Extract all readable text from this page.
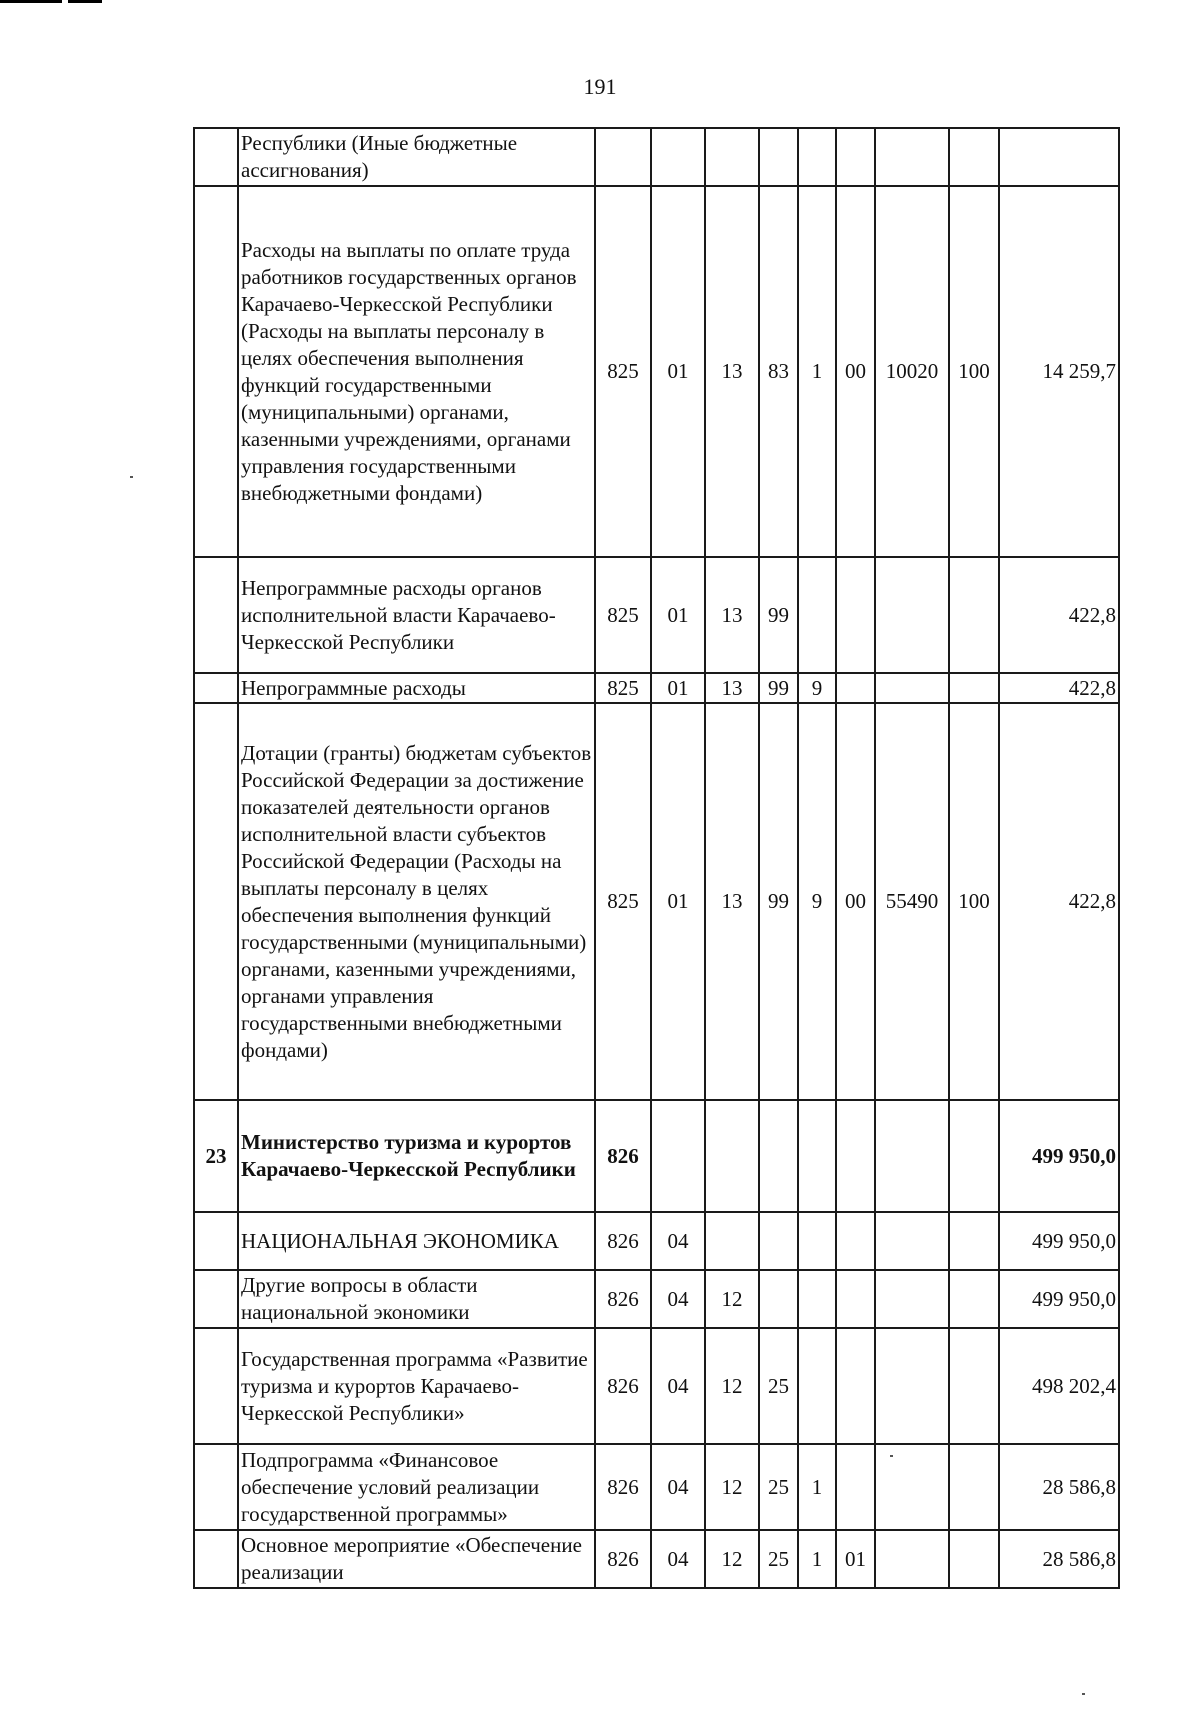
191
	Республики (Иные бюджетные ассигнования)									
	Расходы на выплаты по оплате труда работников государственных органов Карачаево-Черкесской Республики (Расходы на выплаты персоналу в целях обеспечения выполнения функций государственными (муниципальными) органами, казенными учреждениями, органами управления государственными внебюджетными фондами)	825	01	13	83	1	00	10020	100	14 259,7
	Непрограммные расходы органов исполнительной власти Карачаево-Черкесской Республики	825	01	13	99					422,8
	Непрограммные расходы	825	01	13	99	9				422,8
	Дотации (гранты) бюджетам субъектов Российской Федерации за достижение показателей деятельности органов исполнительной власти субъектов Российской Федерации (Расходы на выплаты персоналу в целях обеспечения выполнения функций государственными (муниципальными) органами, казенными учреждениями, органами управления государственными внебюджетными фондами)	825	01	13	99	9	00	55490	100	422,8
23	Министерство туризма и курортов Карачаево-Черкесской Республики	826								499 950,0
	НАЦИОНАЛЬНАЯ ЭКОНОМИКА	826	04							499 950,0
	Другие вопросы в области национальной экономики	826	04	12						499 950,0
	Государственная программа «Развитие туризма и курортов Карачаево-Черкесской Республики»	826	04	12	25					498 202,4
	Подпрограмма «Финансовое обеспечение условий реализации государственной программы»	826	04	12	25	1				28 586,8
	Основное мероприятие «Обеспечение реализации	826	04	12	25	1	01			28 586,8
